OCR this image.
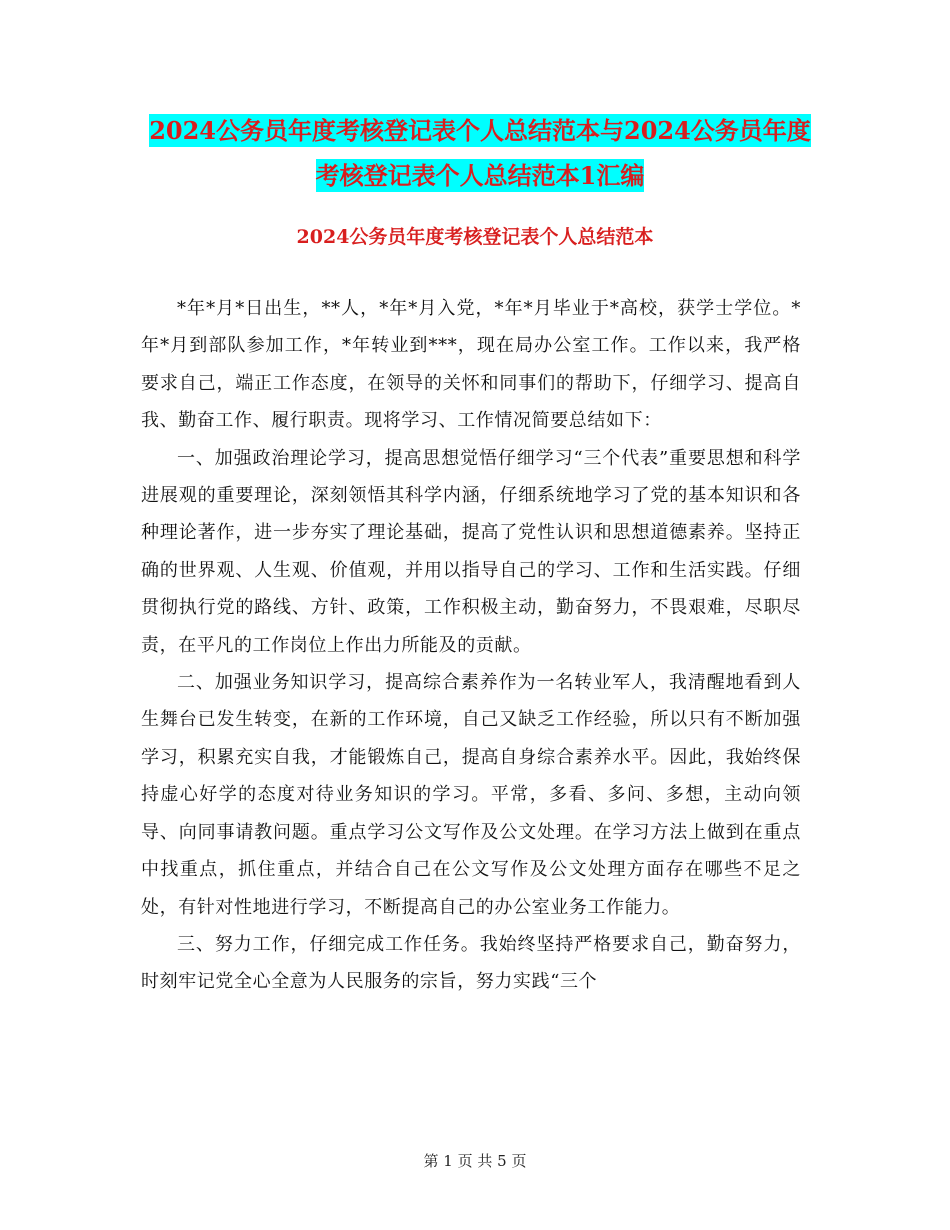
2024公务员年度考核登记表个人总结范本与2024公务员年度考核登记表个人总结范本1汇编
2024公务员年度考核登记表个人总结范本

*年*月*日出生，**人，*年*月入党，*年*月毕业于*高校，获学士学位。*年*月到部队参加工作，*年转业到***，现在局办公室工作。工作以来，我严格要求自己，端正工作态度，在领导的关怀和同事们的帮助下，仔细学习、提高自我、勤奋工作、履行职责。现将学习、工作情况简要总结如下：

一、加强政治理论学习，提高思想觉悟仔细学习“三个代表”重要思想和科学进展观的重要理论，深刻领悟其科学内涵，仔细系统地学习了党的基本知识和各种理论著作，进一步夯实了理论基础，提高了党性认识和思想道德素养。坚持正确的世界观、人生观、价值观，并用以指导自己的学习、工作和生活实践。仔细贯彻执行党的路线、方针、政策，工作积极主动，勤奋努力，不畏艰难，尽职尽责，在平凡的工作岗位上作出力所能及的贡献。

二、加强业务知识学习，提高综合素养作为一名转业军人，我清醒地看到人生舞台已发生转变，在新的工作环境，自己又缺乏工作经验，所以只有不断加强学习，积累充实自我，才能锻炼自己，提高自身综合素养水平。因此，我始终保持虚心好学的态度对待业务知识的学习。平常，多看、多问、多想，主动向领导、向同事请教问题。重点学习公文写作及公文处理。在学习方法上做到在重点中找重点，抓住重点，并结合自己在公文写作及公文处理方面存在哪些不足之处，有针对性地进行学习，不断提高自己的办公室业务工作能力。

三、努力工作，仔细完成工作任务。我始终坚持严格要求自己，勤奋努力，时刻牢记党全心全意为人民服务的宗旨，努力实践“三个

第 1 页 共 5 页
